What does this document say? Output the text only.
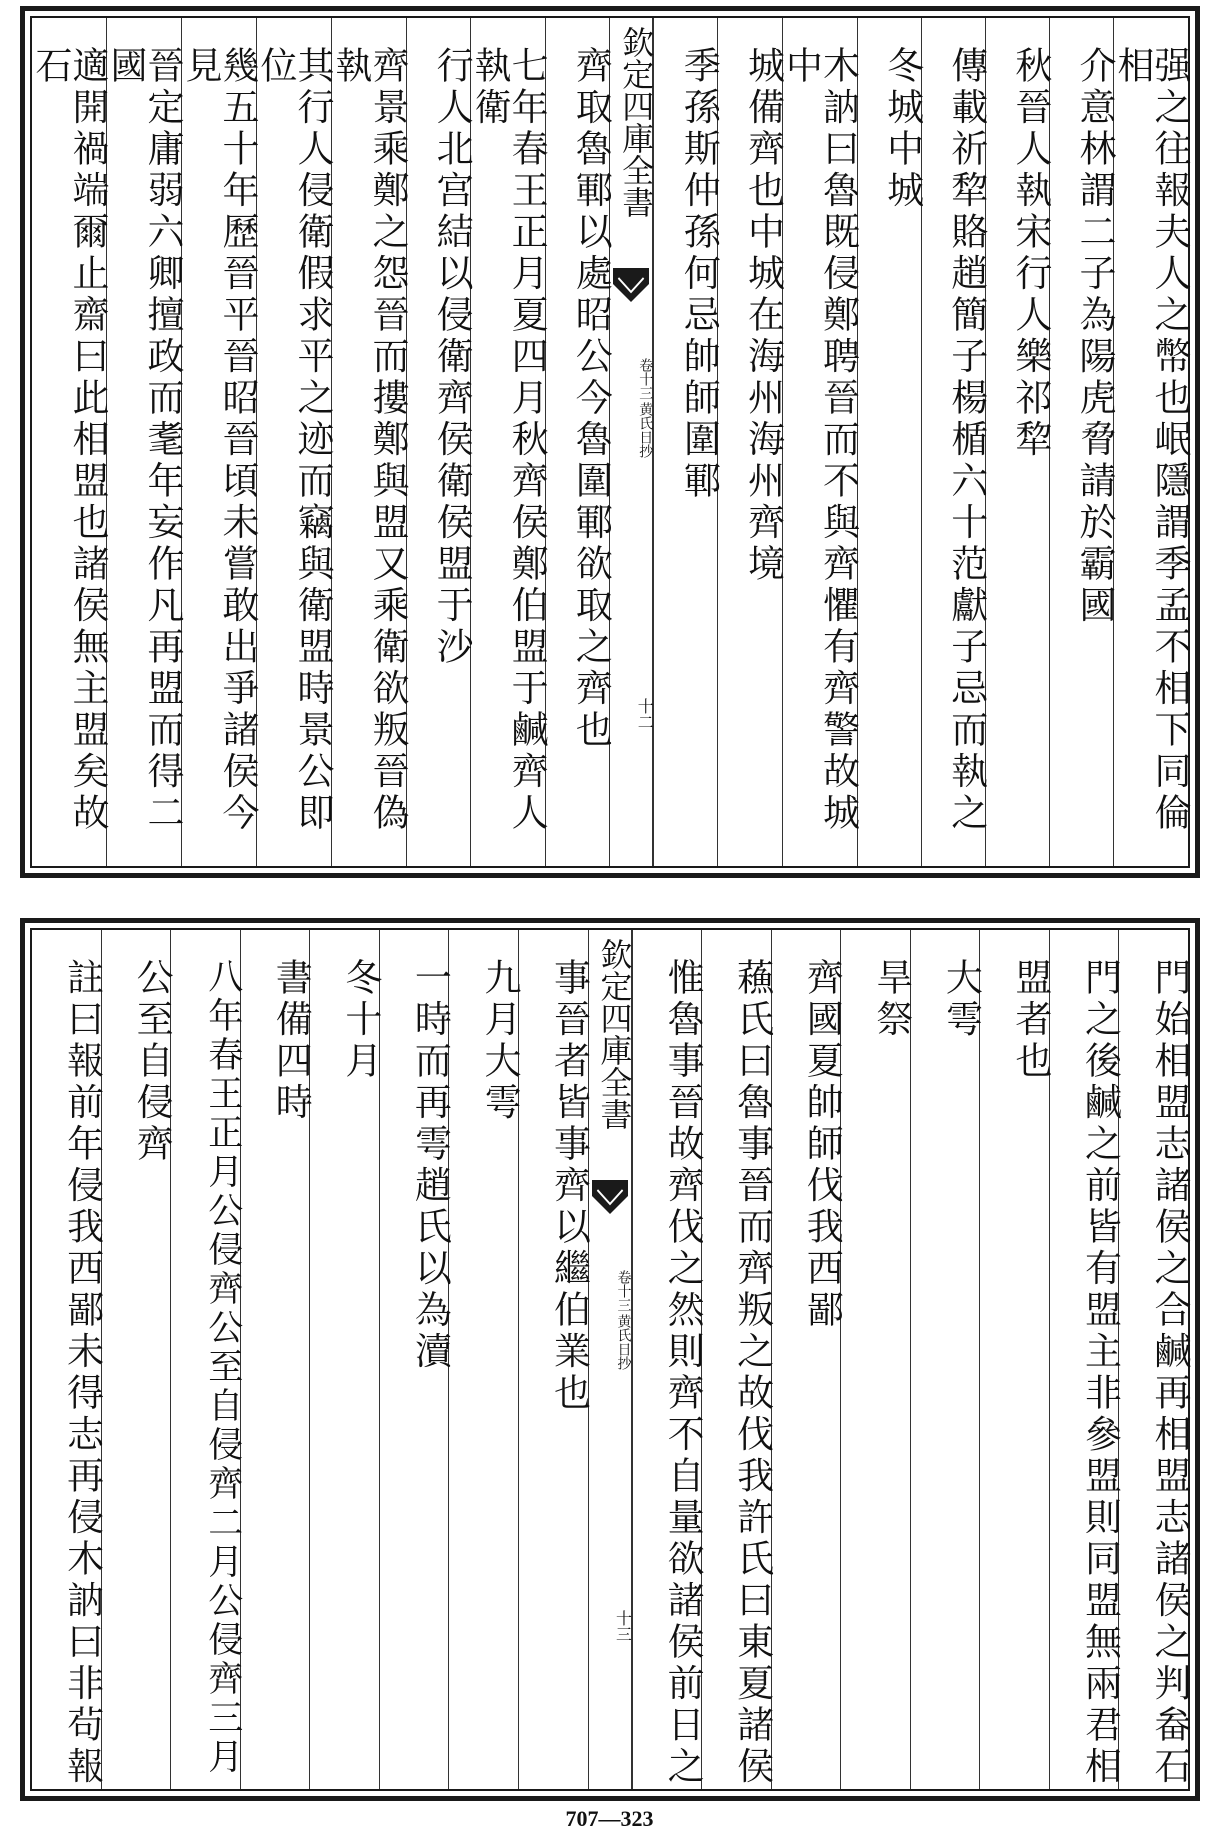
强之往報夫人之幣也岷隱謂季孟不相下同倫相
介意林謂二子為陽虎脅請於霸國
秋晉人執宋行人樂祁犂
傳載祈犂賂趙簡子楊楯六十范獻子忌而執之
冬城中城
木訥曰魯既侵鄭聘晉而不與齊懼有齊警故城中
城備齊也中城在海州海州齊境
季孫斯仲孫何忌帥師圍鄆
欽定四庫全書
黄氏日抄
卷十三
十二
齊取魯鄆以處昭公今魯圍鄆欲取之齊也
七年春王正月夏四月秋齊侯鄭伯盟于鹹齊人執衛
行人北宫結以侵衛齊侯衛侯盟于沙
齊景乘鄭之怨晉而摟鄭與盟又乘衛欲叛晉偽執
其行人侵衛假求平之迹而竊與衛盟時景公即位
幾五十年歷晉平晉昭晉頃未嘗敢出爭諸侯今見
晉定庸弱六卿擅政而耄年妄作凡再盟而得二國
適開禍端爾止齋曰此相盟也諸侯無主盟矣故石
門始相盟志諸侯之合鹹再相盟志諸侯之判畚石
門之後鹹之前皆有盟主非參盟則同盟無兩君相
盟者也
大雩
旱祭
齊國夏帥師伐我西鄙
蘓氏曰魯事晉而齊叛之故伐我許氏曰東夏諸侯
惟魯事晉故齊伐之然則齊不自量欲諸侯前日之
欽定四庫全書
黄氏日抄
卷十三
十三
事晉者皆事齊以繼伯業也
九月大雩
一時而再雩趙氏以為瀆
冬十月
書備四時
八年春王正月公侵齊公至自侵齊二月公侵齊三月
公至自侵齊
註曰報前年侵我西鄙未得志再侵木訥曰非茍報
707—323
